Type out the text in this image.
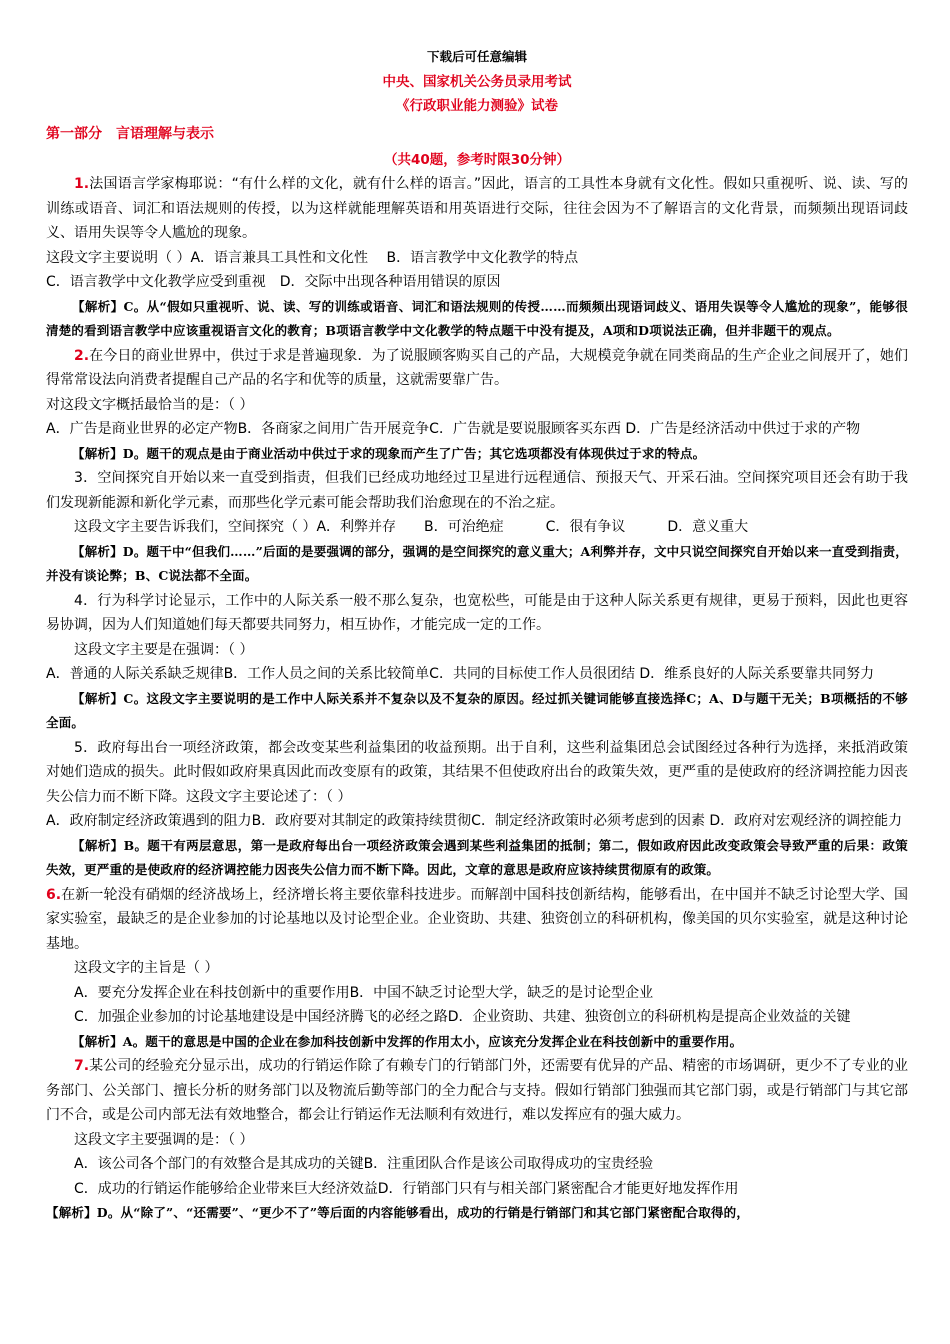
下载后可任意编辑
中央、国家机关公务员录用考试
《行政职业能力测验》试卷
第一部分　言语理解与表示
（共40题，参考时限30分钟）
1.法国语言学家梅耶说：“有什么样的文化，就有什么样的语言。”因此，语言的工具性本身就有文化性。假如只重视听、说、读、写的训练或语音、词汇和语法规则的传授，以为这样就能理解英语和用英语进行交际，往往会因为不了解语言的文化背景，而频频出现语词歧义、语用失误等令人尴尬的现象。
这段文字主要说明（ ）A．语言兼具工具性和文化性　 B．语言教学中文化教学的特点
C．语言教学中文化教学应受到重视　D．交际中出现各种语用错误的原因
【解析】C。从“假如只重视听、说、读、写的训练或语音、词汇和语法规则的传授……而频频出现语词歧义、语用失误等令人尴尬的现象”，能够很清楚的看到语言教学中应该重视语言文化的教育；B项语言教学中文化教学的特点题干中没有提及，A项和D项说法正确，但并非题干的观点。
2.在今日的商业世界中，供过于求是普遍现象．为了说服顾客购买自己的产品，大规模竞争就在同类商品的生产企业之间展开了，她们得常常设法向消费者提醒自己产品的名字和优等的质量，这就需要靠广告。
对这段文字概括最恰当的是：（ ）
A．广告是商业世界的必定产物B．各商家之间用广告开展竞争C．广告就是要说服顾客买东西 D．广告是经济活动中供过于求的产物
【解析】D。题干的观点是由于商业活动中供过于求的现象而产生了广告；其它选项都没有体现供过于求的特点。
3．空间探究自开始以来一直受到指责，但我们已经成功地经过卫星进行远程通信、预报天气、开采石油。空间探究项目还会有助于我们发现新能源和新化学元素，而那些化学元素可能会帮助我们治愈现在的不治之症。
这段文字主要告诉我们，空间探究（ ）A．利弊并存　　B．可治绝症　　　C．很有争议　　　D．意义重大
【解析】D。题干中“但我们……”后面的是要强调的部分，强调的是空间探究的意义重大；A利弊并存，文中只说空间探究自开始以来一直受到指责，并没有谈论弊；B、C说法都不全面。
4．行为科学讨论显示，工作中的人际关系一般不那么复杂，也宽松些，可能是由于这种人际关系更有规律，更易于预料，因此也更容易协调，因为人们知道她们每天都要共同努力，相互协作，才能完成一定的工作。
这段文字主要是在强调：（ ）
A．普通的人际关系缺乏规律B．工作人员之间的关系比较简单C．共同的目标使工作人员很团结 D．维系良好的人际关系要靠共同努力
【解析】C。这段文字主要说明的是工作中人际关系并不复杂以及不复杂的原因。经过抓关键词能够直接选择C；A、D与题干无关；B项概括的不够全面。
5．政府每出台一项经济政策，都会改变某些利益集团的收益预期。出于自利，这些利益集团总会试图经过各种行为选择，来抵消政策对她们造成的损失。此时假如政府果真因此而改变原有的政策，其结果不但使政府出台的政策失效，更严重的是使政府的经济调控能力因丧失公信力而不断下降。这段文字主要论述了：（ ）
A．政府制定经济政策遇到的阻力B．政府要对其制定的政策持续贯彻C．制定经济政策时必须考虑到的因素 D．政府对宏观经济的调控能力
【解析】B。题干有两层意思，第一是政府每出台一项经济政策会遇到某些利益集团的抵制；第二，假如政府因此改变政策会导致严重的后果：政策失效，更严重的是使政府的经济调控能力因丧失公信力而不断下降。因此，文章的意思是政府应该持续贯彻原有的政策。
6.在新一轮没有硝烟的经济战场上，经济增长将主要依靠科技进步。而解剖中国科技创新结构，能够看出，在中国并不缺乏讨论型大学、国家实验室，最缺乏的是企业参加的讨论基地以及讨论型企业。企业资助、共建、独资创立的科研机构，像美国的贝尔实验室，就是这种讨论基地。
这段文字的主旨是（ ）
A．要充分发挥企业在科技创新中的重要作用B．中国不缺乏讨论型大学，缺乏的是讨论型企业
C．加强企业参加的讨论基地建设是中国经济腾飞的必经之路D．企业资助、共建、独资创立的科研机构是提高企业效益的关键
【解析】A。题干的意思是中国的企业在参加科技创新中发挥的作用太小，应该充分发挥企业在科技创新中的重要作用。
7.某公司的经验充分显示出，成功的行销运作除了有赖专门的行销部门外，还需要有优异的产品、精密的市场调研，更少不了专业的业务部门、公关部门、擅长分析的财务部门以及物流后勤等部门的全力配合与支持。假如行销部门独强而其它部门弱，或是行销部门与其它部门不合，或是公司内部无法有效地整合，都会让行销运作无法顺利有效进行，难以发挥应有的强大威力。
这段文字主要强调的是：（ ）
A．该公司各个部门的有效整合是其成功的关键B．注重团队合作是该公司取得成功的宝贵经验
C．成功的行销运作能够给企业带来巨大经济效益D．行销部门只有与相关部门紧密配合才能更好地发挥作用
【解析】D。从“除了”、“还需要”、“更少不了”等后面的内容能够看出，成功的行销是行销部门和其它部门紧密配合取得的，
